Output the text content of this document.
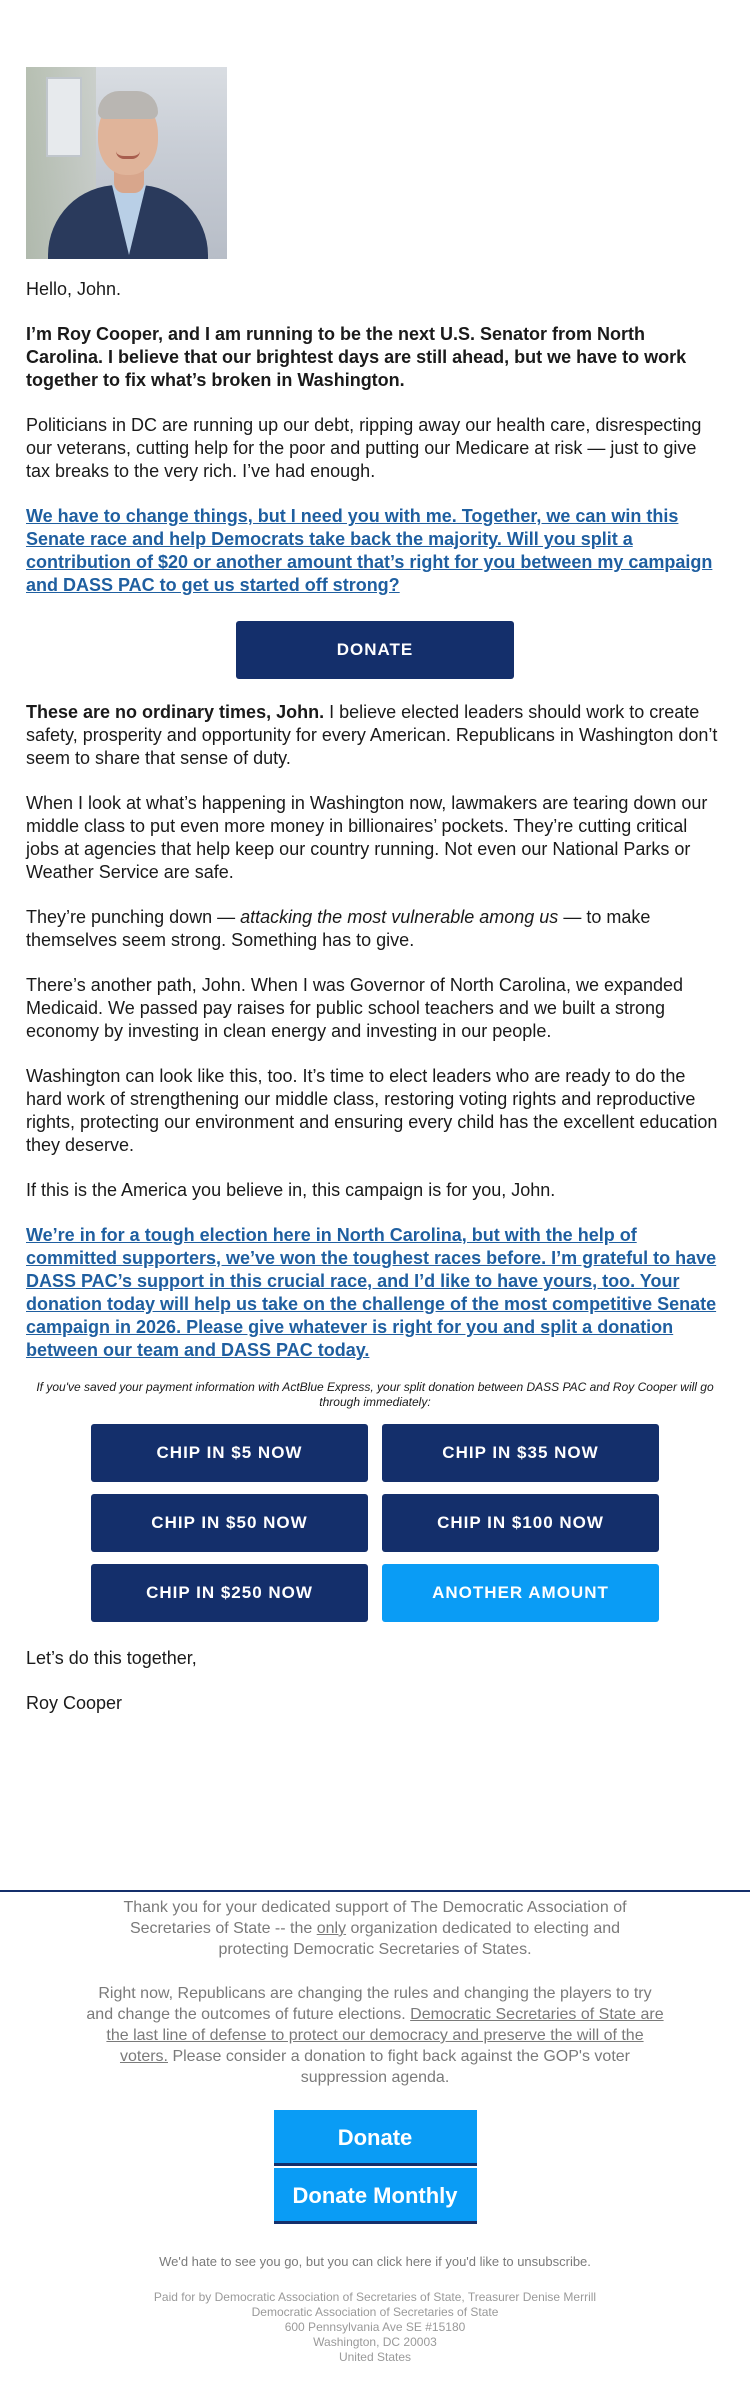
Hello, John.

I’m Roy Cooper, and I am running to be the next U.S. Senator from North Carolina. I believe that our brightest days are still ahead, but we have to work together to fix what’s broken in Washington.

Politicians in DC are running up our debt, ripping away our health care, disrespecting our veterans, cutting help for the poor and putting our Medicare at risk — just to give tax breaks to the very rich. I’ve had enough.

We have to change things, but I need you with me. Together, we can win this Senate race and help Democrats take back the majority. Will you split a contribution of $20 or another amount that’s right for you between my campaign and DASS PAC to get us started off strong?

DONATE

These are no ordinary times, John. I believe elected leaders should work to create safety, prosperity and opportunity for every American. Republicans in Washington don’t seem to share that sense of duty.

When I look at what’s happening in Washington now, lawmakers are tearing down our middle class to put even more money in billionaires’ pockets. They’re cutting critical jobs at agencies that help keep our country running. Not even our National Parks or Weather Service are safe.

They’re punching down — attacking the most vulnerable among us — to make themselves seem strong. Something has to give.

There’s another path, John. When I was Governor of North Carolina, we expanded Medicaid. We passed pay raises for public school teachers and we built a strong economy by investing in clean energy and investing in our people.

Washington can look like this, too. It’s time to elect leaders who are ready to do the hard work of strengthening our middle class, restoring voting rights and reproductive rights, protecting our environment and ensuring every child has the excellent education they deserve.

If this is the America you believe in, this campaign is for you, John.

We’re in for a tough election here in North Carolina, but with the help of committed supporters, we’ve won the toughest races before. I’m grateful to have DASS PAC’s support in this crucial race, and I’d like to have yours, too. Your donation today will help us take on the challenge of the most competitive Senate campaign in 2026. Please give whatever is right for you and split a donation between our team and DASS PAC today.

If you've saved your payment information with ActBlue Express, your split donation between DASS PAC and Roy Cooper will go through immediately:

CHIP IN $5 NOW	CHIP IN $35 NOW
CHIP IN $50 NOW	CHIP IN $100 NOW
CHIP IN $250 NOW	ANOTHER AMOUNT

Let’s do this together,

Roy Cooper

Thank you for your dedicated support of The Democratic Association of Secretaries of State -- the only organization dedicated to electing and protecting Democratic Secretaries of States.

Right now, Republicans are changing the rules and changing the players to try and change the outcomes of future elections. Democratic Secretaries of State are the last line of defense to protect our democracy and preserve the will of the voters. Please consider a donation to fight back against the GOP's voter suppression agenda.

Donate
Donate Monthly

We'd hate to see you go, but you can click here if you'd like to unsubscribe.

Paid for by Democratic Association of Secretaries of State, Treasurer Denise Merrill
Democratic Association of Secretaries of State
600 Pennsylvania Ave SE #15180
Washington, DC 20003
United States
